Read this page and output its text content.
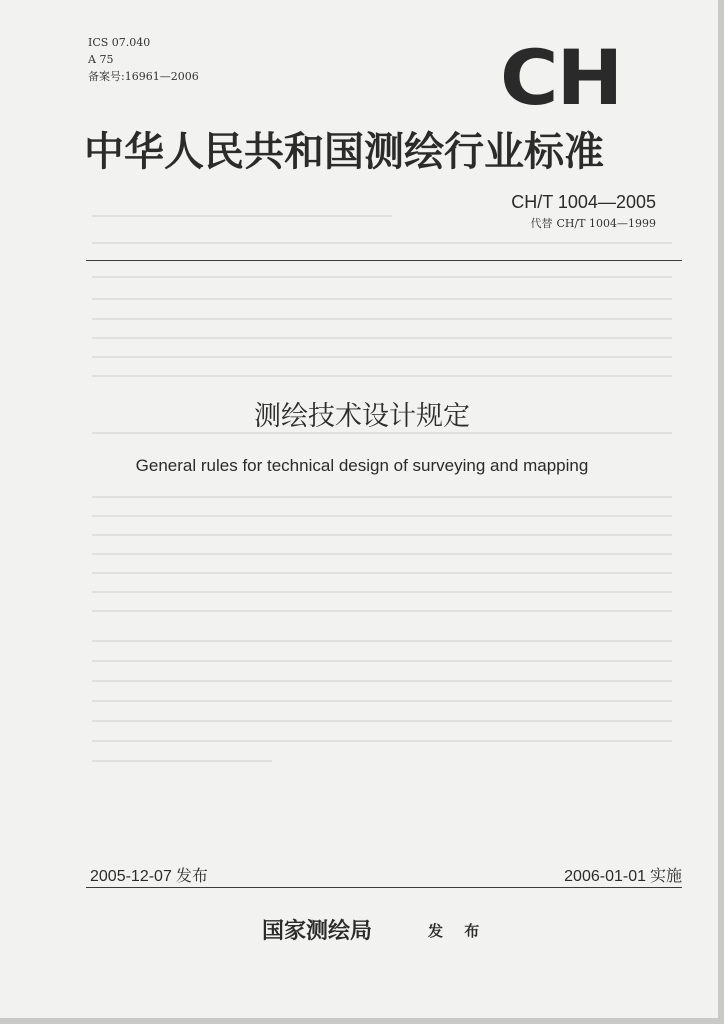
ICS 07.040
A 75
备案号:16961—2006	CH
中华人民共和国测绘行业标准
CH/T 1004—2005
代替 CH/T 1004—1999
测绘技术设计规定
General rules for technical design of surveying and mapping
2005-12-07 发布	2006-01-01 实施
国家测绘局	发 布
